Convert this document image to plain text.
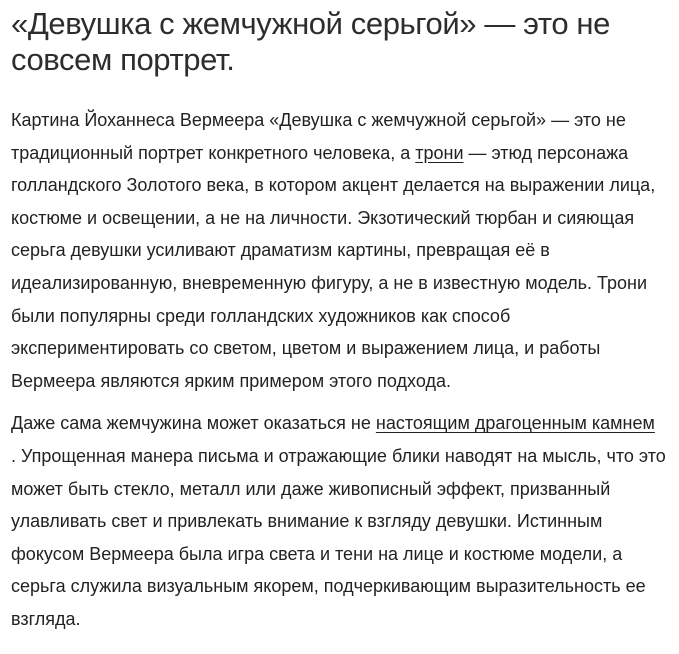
«Девушка с жемчужной серьгой» — это не совсем портрет.

Картина Йоханнеса Вермеера «Девушка с жемчужной серьгой» — это не традиционный портрет конкретного человека, а трони — этюд персонажа голландского Золотого века, в котором акцент делается на выражении лица, костюме и освещении, а не на личности. Экзотический тюрбан и сияющая серьга девушки усиливают драматизм картины, превращая её в идеализированную, вневременную фигуру, а не в известную модель. Трони были популярны среди голландских художников как способ экспериментировать со светом, цветом и выражением лица, и работы Вермеера являются ярким примером этого подхода.

Даже сама жемчужина может оказаться не настоящим драгоценным камнем
. Упрощенная манера письма и отражающие блики наводят на мысль, что это может быть стекло, металл или даже живописный эффект, призванный улавливать свет и привлекать внимание к взгляду девушки. Истинным фокусом Вермеера была игра света и тени на лице и костюме модели, а серьга служила визуальным якорем, подчеркивающим выразительность ее взгляда.
